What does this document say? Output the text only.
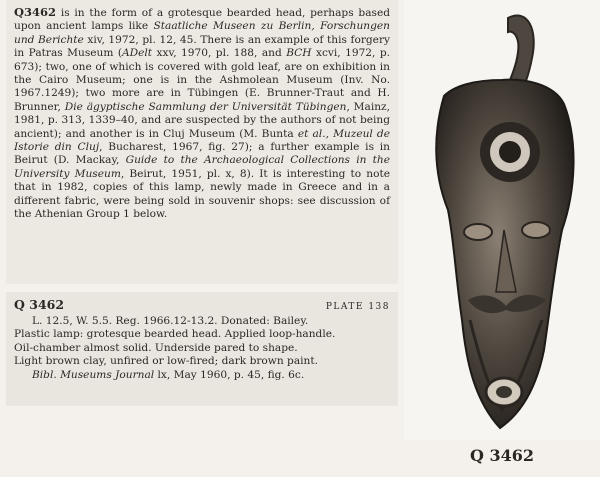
Q3462 is in the form of a grotesque bearded head, perhaps based upon ancient lamps like Staatliche Museen zu Berlin, Forschungen und Berichte xiv, 1972, pl. 12, 45. There is an example of this forgery in Patras Museum (ADelt xxv, 1970, pl. 188, and BCH xcvi, 1972, p. 673); two, one of which is covered with gold leaf, are on exhibition in the Cairo Museum; one is in the Ashmolean Museum (Inv. No. 1967.1249); two more are in Tübingen (E. Brunner-Traut and H. Brunner, Die ägyptische Sammlung der Universität Tübingen, Mainz, 1981, p. 313, 1339–40, and are suspected by the authors of not being ancient); and another is in Cluj Museum (M. Bunta et al., Muzeul de Istorie din Cluj, Bucharest, 1967, fig. 27); a further example is in Beirut (D. Mackay, Guide to the Archaeological Collections in the University Museum, Beirut, 1951, pl. x, 8). It is interesting to note that in 1982, copies of this lamp, newly made in Greece and in a different fabric, were being sold in souvenir shops: see discussion of the Athenian Group 1 below.
Q 3462	PLATE 138
L. 12.5, W. 5.5. Reg. 1966.12-13.2. Donated: Bailey.
Plastic lamp: grotesque bearded head. Applied loop-handle.
Oil-chamber almost solid. Underside pared to shape.
Light brown clay, unfired or low-fired; dark brown paint.
Bibl. Museums Journal lx, May 1960, p. 45, fig. 6c.
Q 3462
